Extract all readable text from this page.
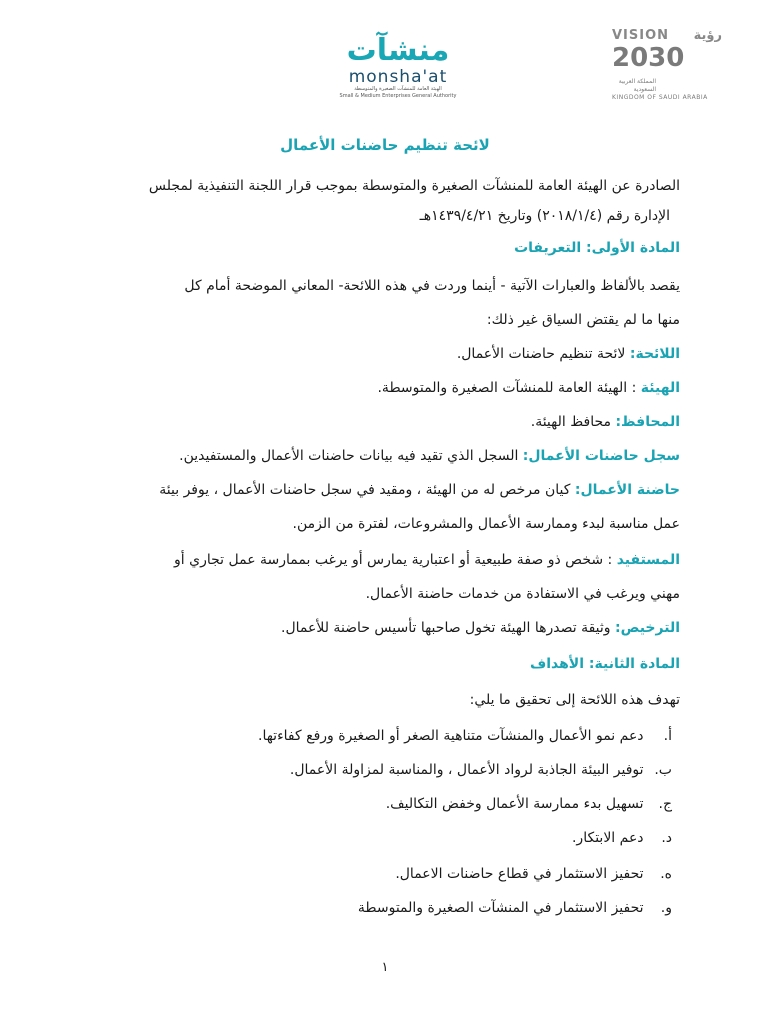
منشآت
monsha'at
الهيئة العامة للمنشآت الصغيرة والمتوسطة
Small & Medium Enterprises General Authority
VISION رؤية
2030 المملكة العربية السعودية
KINGDOM OF SAUDI ARABIA
لائحة تنظيم حاضنات الأعمال
الصادرة عن الهيئة العامة للمنشآت الصغيرة والمتوسطة بموجب قرار اللجنة التنفيذية لمجلس
الإدارة رقم (٢٠١٨/١/٤) وتاريخ ١٤٣٩/٤/٢١هـ
المادة الأولى: التعريفات
يقصد بالألفاظ والعبارات الآتية - أينما وردت في هذه اللائحة- المعاني الموضحة أمام كل
منها ما لم يقتض السياق غير ذلك:
اللائحة: لائحة تنظيم حاضنات الأعمال.
الهيئة : الهيئة العامة للمنشآت الصغيرة والمتوسطة.
المحافظ: محافظ الهيئة.
سجل حاضنات الأعمال: السجل الذي تقيد فيه بيانات حاضنات الأعمال والمستفيدين.
حاضنة الأعمال: كيان مرخص له من الهيئة ، ومقيد في سجل حاضنات الأعمال ، يوفر بيئة
عمل مناسبة لبدء وممارسة الأعمال والمشروعات، لفترة من الزمن.
المستفيد : شخص ذو صفة طبيعية أو اعتبارية يمارس أو يرغب بممارسة عمل تجاري أو
مهني ويرغب في الاستفادة من خدمات حاضنة الأعمال.
الترخيص: وثيقة تصدرها الهيئة تخول صاحبها تأسيس حاضنة للأعمال.
المادة الثانية: الأهداف
تهدف هذه اللائحة إلى تحقيق ما يلي:
أ. دعم نمو الأعمال والمنشآت متناهية الصغر أو الصغيرة ورفع كفاءتها.
ب. توفير البيئة الجاذبة لرواد الأعمال ، والمناسبة لمزاولة الأعمال.
ج. تسهيل بدء ممارسة الأعمال وخفض التكاليف.
د. دعم الابتكار.
ه. تحفيز الاستثمار في قطاع حاضنات الاعمال.
و. تحفيز الاستثمار في المنشآت الصغيرة والمتوسطة
١
